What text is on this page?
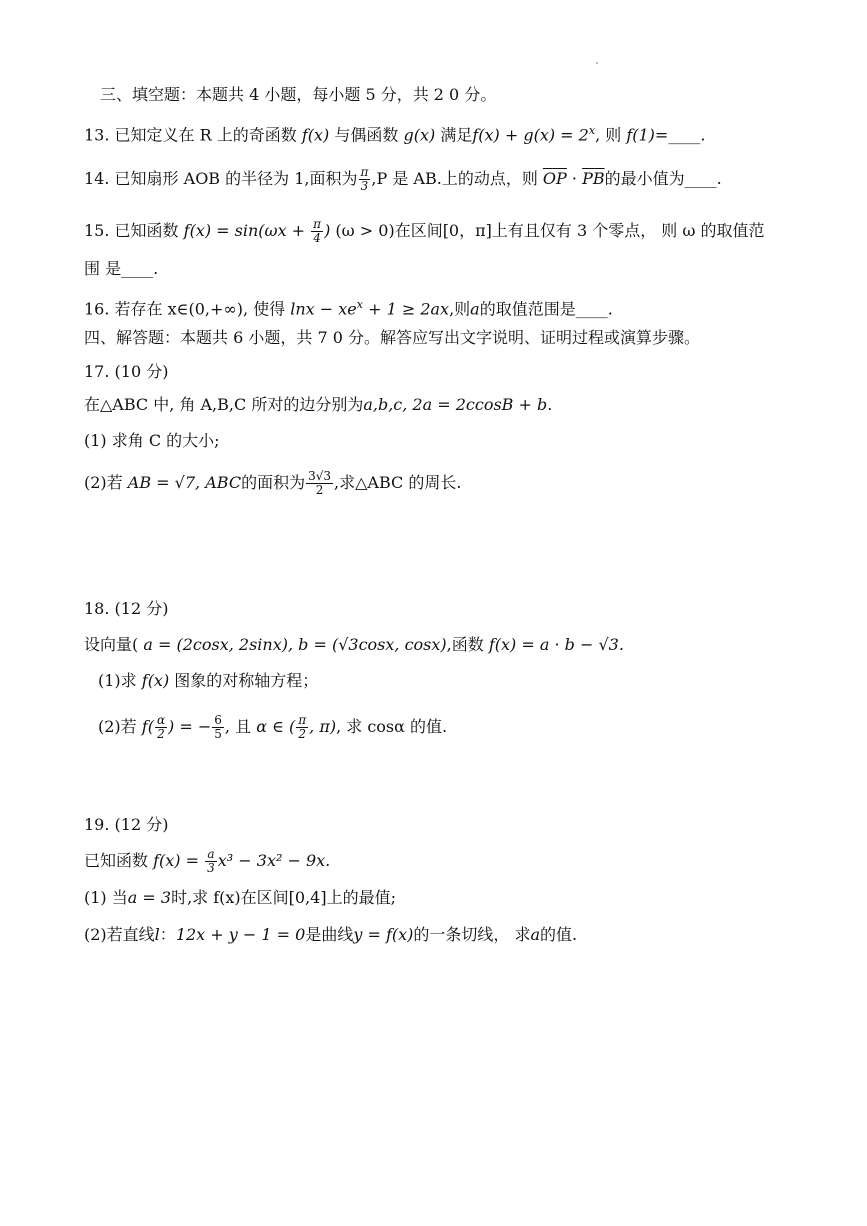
三、填空题：本题共 4 小题，每小题 5 分，共 2 0 分。
13. 已知定义在 R 上的奇函数 f(x) 与偶函数 g(x) 满足$f(x) + g(x) = 2^x$, 则 f(1)=____.
14. 已知扇形 AOB 的半径为 1,面积为 $\frac{\pi}{3} ,P$ 是 AB.上的动点，则 $\overline{OP} \cdot \overline{PB}$的最小值为____.
15. 已知函数 $f(x) = \sin(\omega x + \frac{\pi}{4}$ ) (ω > 0)在区间[0，π]上有且仅有 3 个零点， 则 ω 的取值范
围 是____.
16. 若存在 x∈(0,+∞), 使得 $\ln x - xe^x + 1 \ge 2ax$,则a的取值范围是____.
四、解答题：本题共 6 小题，共 7 0 分。解答应写出文字说明、证明过程或演算步骤。
17. (10 分)
在△ABC 中, 角 A,B,C 所对的边分别为a,b,c, 2a = 2ccosB + b.
(1) 求角 C 的大小;
(2)若 AB = √7, ABC的面积为 $\frac{3√3}{2}$ ,求△ABC 的周长.
18. (12 分)
设向量( a = (2cosx, 2sinx), b = (√3cosx, cosx),函数 f(x) = a · b − √3.
(1)求 f(x) 图象的对称轴方程；
(2)若 $f( \frac{\alpha}{2}$ ) = − $\frac{6}{5}$ , 且 α ∈ ( $\frac{\pi}{2}$ , π), 求 cosα 的值.
19. (12 分)
已知函数 $f(x) = \frac{a}{3} x^3 - 3x^2 - 9x$.
(1) 当a = 3时,求 f(x)在区间[0,4]上的最值;
(2)若直线l：12x + y − 1 = 0是曲线y = f(x)的一条切线， 求a的值.
